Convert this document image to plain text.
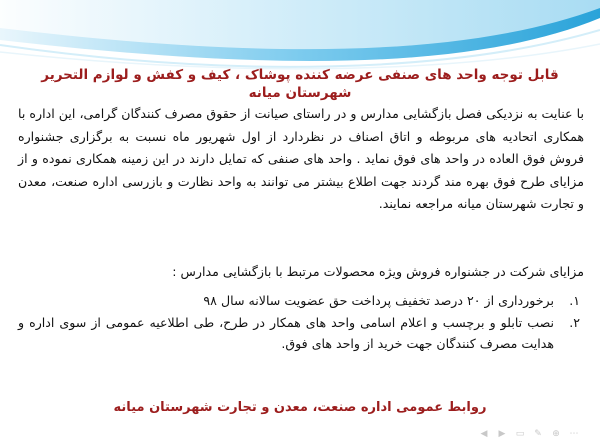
قابل توجه واحد های صنفی عرضه کننده پوشاک ، کیف و کفش و لوازم التحریر شهرستان میانه

با عنایت به نزدیکی فصل بازگشایی مدارس و در راستای صیانت از حقوق مصرف کنندگان گرامی، این اداره با همکاری اتحادیه های مربوطه و اتاق اصناف در نظردارد از اول شهریور ماه نسبت به برگزاری جشنواره فروش فوق العاده در واحد های فوق نماید . واحد های صنفی که تمایل دارند در این زمینه همکاری نموده و از مزایای طرح فوق بهره مند گردند جهت اطلاع بیشتر می توانند به واحد نظارت و بازرسی اداره صنعت، معدن و تجارت شهرستان میانه مراجعه نمایند.

مزایای شرکت در جشنواره فروش ویژه محصولات مرتبط با بازگشایی مدارس :

۱.
برخورداری از ۲۰ درصد تخفیف پرداخت حق عضویت سالانه سال ۹۸
۲.
نصب تابلو و برچسب و اعلام اسامی واحد های همکار در طرح، طی اطلاعیه عمومی از سوی اداره و هدایت مصرف کنندگان جهت خرید از واحد های فوق.
روابط عمومی اداره صنعت، معدن و تجارت شهرستان میانه
◀ ▶ ▭ ✎ ⊕ ⋯
